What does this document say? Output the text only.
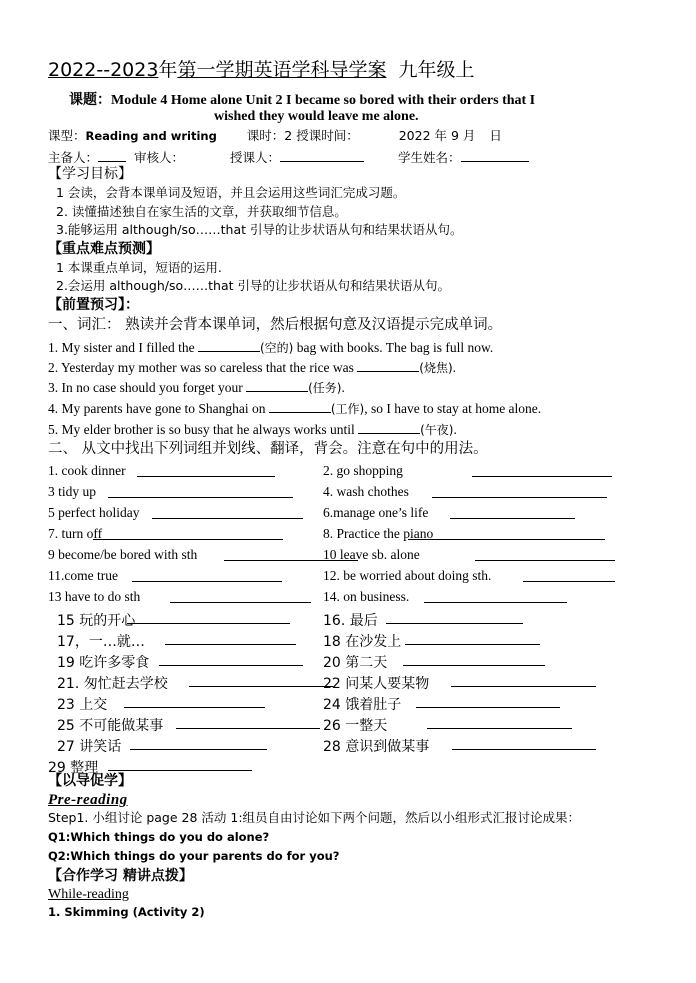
2022--2023年第一学期英语学科导学案 九年级上
课题：Module 4 Home alone Unit 2 I became so bored with their orders that I
wished they would leave me alone.
课型：Reading and writing 课时：2 授课时间：	2022 年 9 月 日
主备人：	审核人：	授课人：	学生姓名：
【学习目标】
1 会读，会背本课单词及短语，并且会运用这些词汇完成习题。
2. 读懂描述独自在家生活的文章，并获取细节信息。
3.能够运用 although/so……that 引导的让步状语从句和结果状语从句。
【重点难点预测】
1 本课重点单词，短语的运用.
2.会运用 although/so……that 引导的让步状语从句和结果状语从句。
【前置预习】：
一、词汇： 熟读并会背本课单词，然后根据句意及汉语提示完成单词。
1. My sister and I filled the	(空的) bag with books. The bag is full now.
2. Yesterday my mother was so careless that the rice was	(烧焦).
3. In no case should you forget your	(任务).
4. My parents have gone to Shanghai on	(工作), so I have to stay at home alone.
5. My elder brother is so busy that he always works until	(午夜).
二、 从文中找出下列词组并划线、翻译，背会。注意在句中的用法。
1. cook dinner	2. go shopping
3 tidy up	4. wash chothes
5 perfect holiday	6.manage one’s life
7. turn off	8. Practice the piano
9 become/be bored with sth	10 leave sb. alone
11.come true	12. be worried about doing sth.
13 have to do sth	14. on business.
15 玩的开心	16. 最后
17，一…就…	18 在沙发上
19 吃许多零食	20 第二天
21. 匆忙赶去学校	22 问某人要某物
23 上交	24 饿着肚子
25 不可能做某事	26 一整天
27 讲笑话	28 意识到做某事
29 整理
【以导促学】
Pre-reading
Step1. 小组讨论 page 28 活动 1:组员自由讨论如下两个问题，然后以小组形式汇报讨论成果：
Q1:Which things do you do alone?
Q2:Which things do your parents do for you?
【合作学习 精讲点拨】
While-reading
1. Skimming (Activity 2)
